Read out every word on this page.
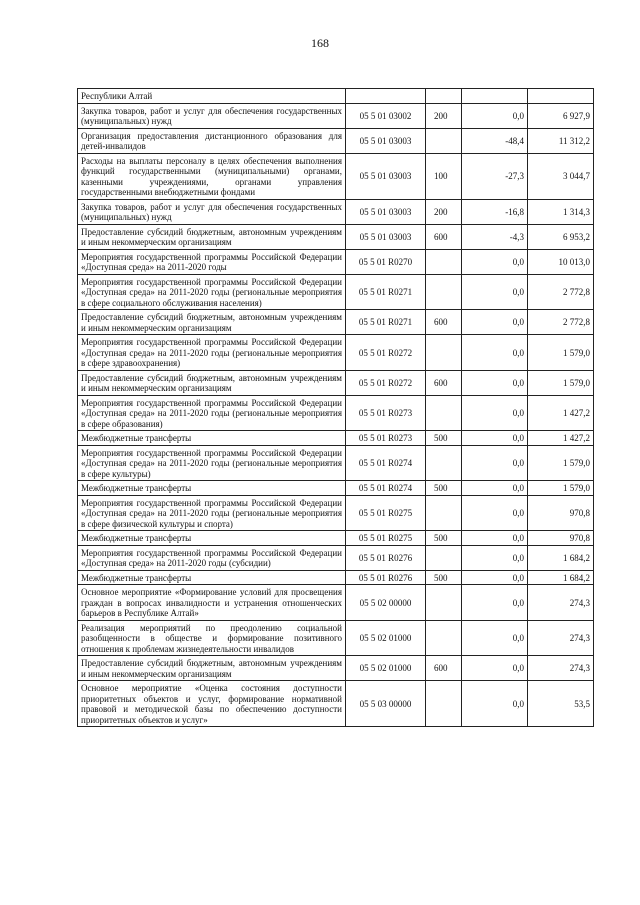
168
Республики Алтай				
Закупка товаров, работ и услуг для обеспечения государственных (муниципальных) нужд	05 5 01 03002	200	0,0	6 927,9
Организация предоставления дистанционного образования для детей-инвалидов	05 5 01 03003		-48,4	11 312,2
Расходы на выплаты персоналу в целях обеспечения выполнения функций государственными (муниципальными) органами, казенными учреждениями, органами управления государственными внебюджетными фондами	05 5 01 03003	100	-27,3	3 044,7
Закупка товаров, работ и услуг для обеспечения государственных (муниципальных) нужд	05 5 01 03003	200	-16,8	1 314,3
Предоставление субсидий бюджетным, автономным учреждениям и иным некоммерческим организациям	05 5 01 03003	600	-4,3	6 953,2
Мероприятия государственной программы Российской Федерации «Доступная среда» на 2011-2020 годы	05 5 01 R0270		0,0	10 013,0
Мероприятия государственной программы Российской Федерации «Доступная среда» на 2011-2020 годы (региональные мероприятия в сфере социального обслуживания населения)	05 5 01 R0271		0,0	2 772,8
Предоставление субсидий бюджетным, автономным учреждениям и иным некоммерческим организациям	05 5 01 R0271	600	0,0	2 772,8
Мероприятия государственной программы Российской Федерации «Доступная среда» на 2011-2020 годы (региональные мероприятия в сфере здравоохранения)	05 5 01 R0272		0,0	1 579,0
Предоставление субсидий бюджетным, автономным учреждениям и иным некоммерческим организациям	05 5 01 R0272	600	0,0	1 579,0
Мероприятия государственной программы Российской Федерации «Доступная среда» на 2011-2020 годы (региональные мероприятия в сфере образования)	05 5 01 R0273		0,0	1 427,2
Межбюджетные трансферты	05 5 01 R0273	500	0,0	1 427,2
Мероприятия государственной программы Российской Федерации «Доступная среда» на 2011-2020 годы (региональные мероприятия в сфере культуры)	05 5 01 R0274		0,0	1 579,0
Межбюджетные трансферты	05 5 01 R0274	500	0,0	1 579,0
Мероприятия государственной программы Российской Федерации «Доступная среда» на 2011-2020 годы (региональные мероприятия в сфере физической культуры и спорта)	05 5 01 R0275		0,0	970,8
Межбюджетные трансферты	05 5 01 R0275	500	0,0	970,8
Мероприятия государственной программы Российской Федерации «Доступная среда» на 2011-2020 годы (субсидии)	05 5 01 R0276		0,0	1 684,2
Межбюджетные трансферты	05 5 01 R0276	500	0,0	1 684,2
Основное мероприятие «Формирование условий для просвещения граждан в вопросах инвалидности и устранения отношенческих барьеров в Республике Алтай»	05 5 02 00000		0,0	274,3
Реализация мероприятий по преодолению социальной разобщенности в обществе и формирование позитивного отношения к проблемам жизнедеятельности инвалидов	05 5 02 01000		0,0	274,3
Предоставление субсидий бюджетным, автономным учреждениям и иным некоммерческим организациям	05 5 02 01000	600	0,0	274,3
Основное мероприятие «Оценка состояния доступности приоритетных объектов и услуг, формирование нормативной правовой и методической базы по обеспечению доступности приоритетных объектов и услуг»	05 5 03 00000		0,0	53,5
